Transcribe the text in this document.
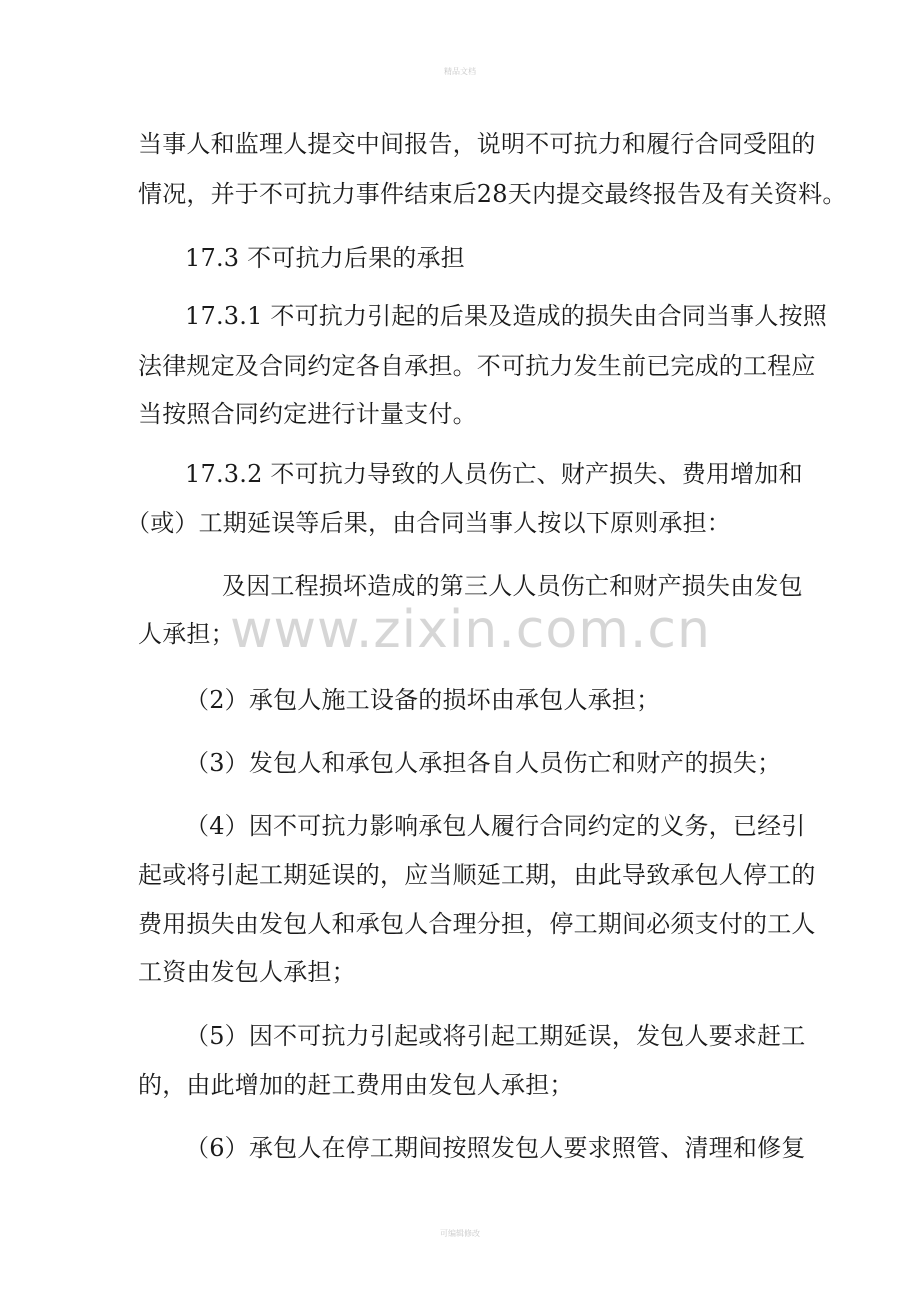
精品文档
当事人和监理人提交中间报告，说明不可抗力和履行合同受阻的
情况，并于不可抗力事件结束后28天内提交最终报告及有关资料。
17.3 不可抗力后果的承担
17.3.1 不可抗力引起的后果及造成的损失由合同当事人按照
法律规定及合同约定各自承担。不可抗力发生前已完成的工程应
当按照合同约定进行计量支付。
17.3.2 不可抗力导致的人员伤亡、财产损失、费用增加和
（或）工期延误等后果，由合同当事人按以下原则承担：
及因工程损坏造成的第三人人员伤亡和财产损失由发包
人承担；
（2）承包人施工设备的损坏由承包人承担；
（3）发包人和承包人承担各自人员伤亡和财产的损失；
（4）因不可抗力影响承包人履行合同约定的义务，已经引
起或将引起工期延误的，应当顺延工期，由此导致承包人停工的
费用损失由发包人和承包人合理分担，停工期间必须支付的工人
工资由发包人承担；
（5）因不可抗力引起或将引起工期延误，发包人要求赶工
的，由此增加的赶工费用由发包人承担；
（6）承包人在停工期间按照发包人要求照管、清理和修复
www.zixin.com.cn
可编辑修改
